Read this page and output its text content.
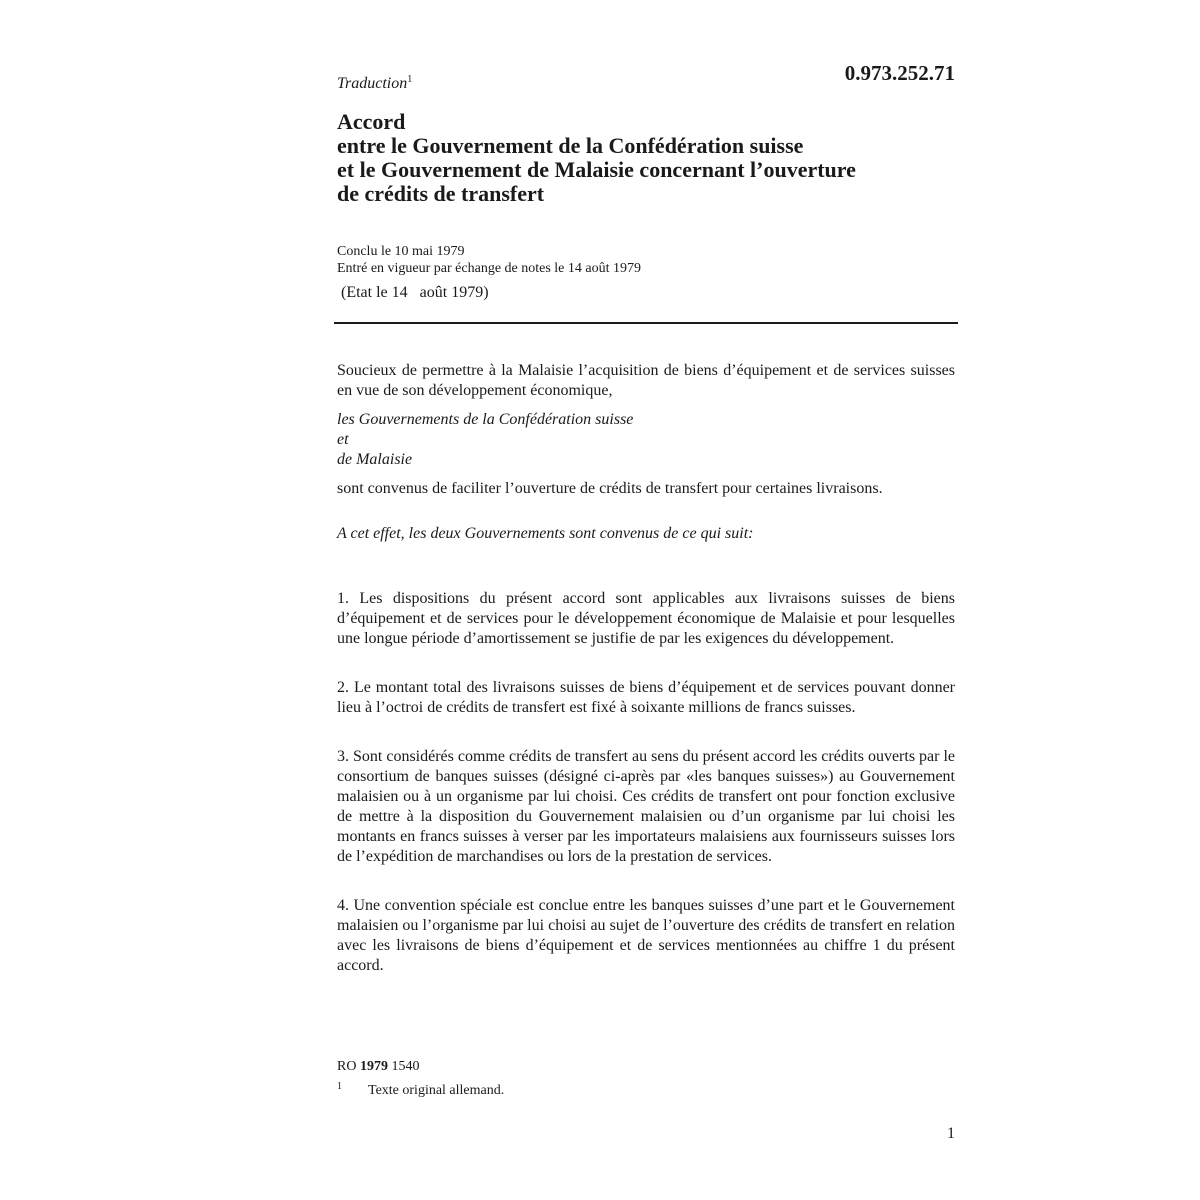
Traduction$^1$	0.973.252.71
Accord
entre le Gouvernement de la Confédération suisse
et le Gouvernement de Malaisie concernant l’ouverture
de crédits de transfert
Conclu le 10 mai 1979
Entré en vigueur par échange de notes le 14 août 1979
(Etat le 14   août 1979)
Soucieux de permettre à la Malaisie l’acquisition de biens d’équipement et de services suisses en vue de son développement économique,
les Gouvernements de la Confédération suisse
et
de Malaisie
sont convenus de faciliter l’ouverture de crédits de transfert pour certaines livraisons.
A cet effet, les deux Gouvernements sont convenus de ce qui suit:
1. Les dispositions du présent accord sont applicables aux livraisons suisses de biens d’équipement et de services pour le développement économique de Malaisie et pour lesquelles une longue période d’amortissement se justifie de par les exigences du développement.
2. Le montant total des livraisons suisses de biens d’équipement et de services pouvant donner lieu à l’octroi de crédits de transfert est fixé à soixante millions de francs suisses.
3. Sont considérés comme crédits de transfert au sens du présent accord les crédits ouverts par le consortium de banques suisses (désigné ci-après par «les banques suisses») au Gouvernement malaisien ou à un organisme par lui choisi. Ces crédits de transfert ont pour fonction exclusive de mettre à la disposition du Gouvernement malaisien ou d’un organisme par lui choisi les montants en francs suisses à verser par les importateurs malaisiens aux fournisseurs suisses lors de l’expédition de marchandises ou lors de la prestation de services.
4. Une convention spéciale est conclue entre les banques suisses d’une part et le Gouvernement malaisien ou l’organisme par lui choisi au sujet de l’ouverture des crédits de transfert en relation avec les livraisons de biens d’équipement et de services mentionnées au chiffre 1 du présent accord.
RO 1979 1540
$^1$ Texte original allemand.
1
